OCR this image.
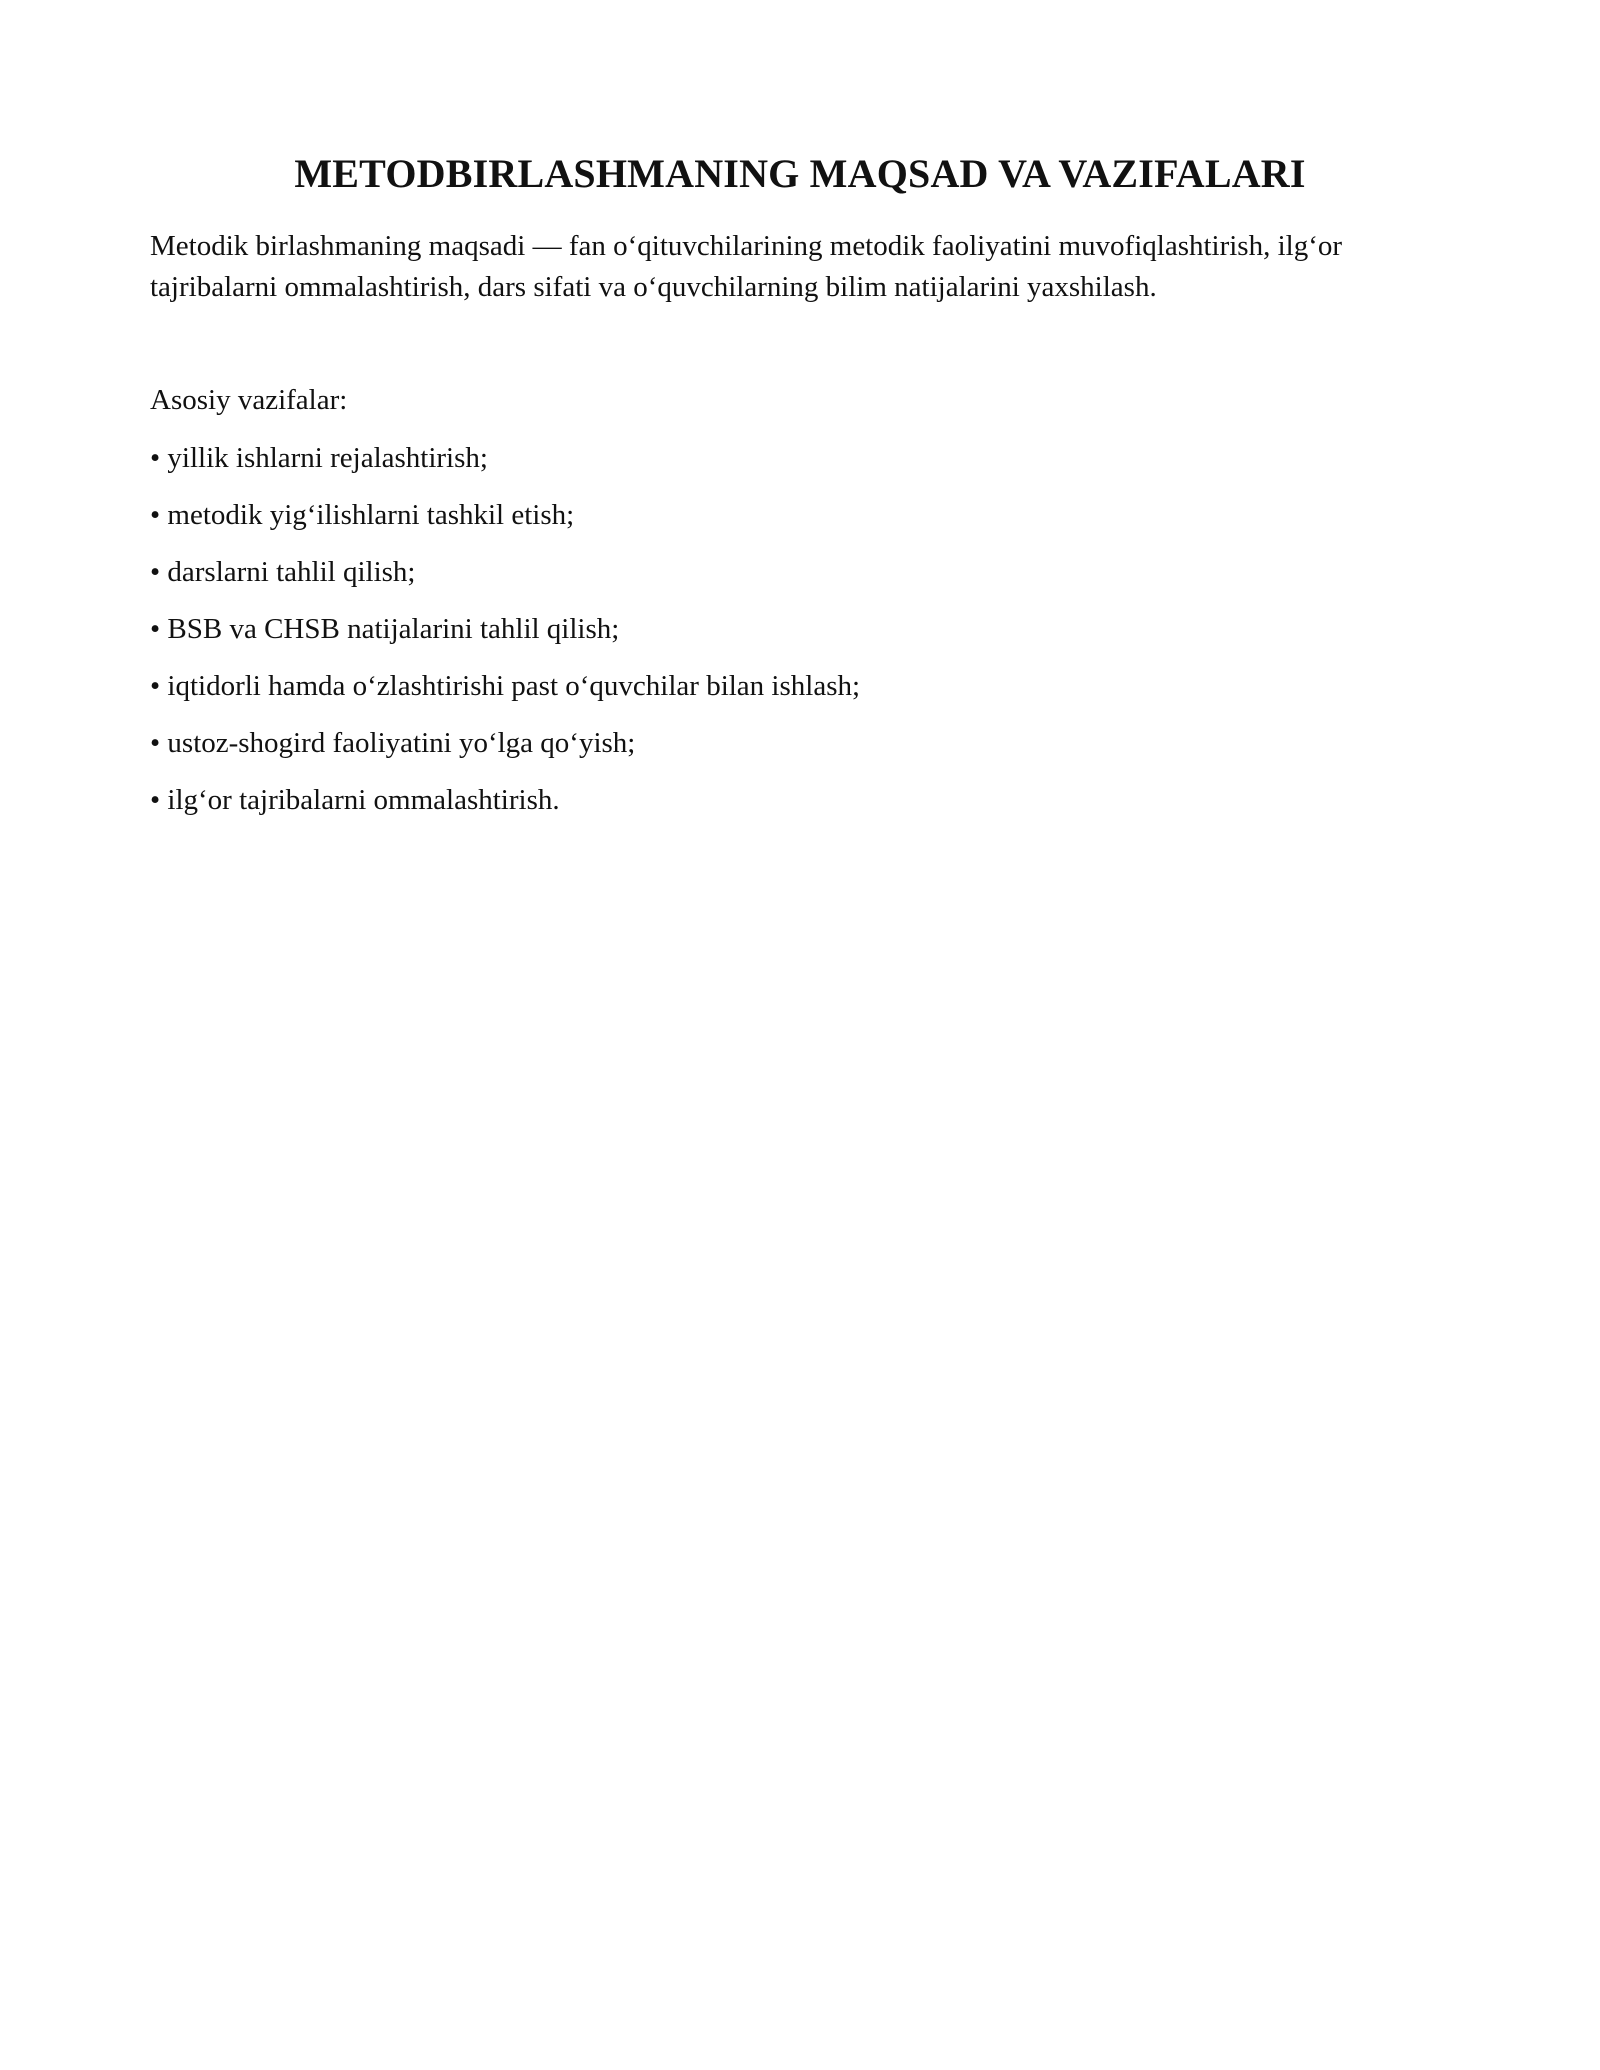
METODBIRLASHMANING MAQSAD VA VAZIFALARI

Metodik birlashmaning maqsadi — fan o‘qituvchilarining metodik faoliyatini muvofiqlashtirish, ilg‘or tajribalarni ommalashtirish, dars sifati va o‘quvchilarning bilim natijalarini yaxshilash.

Asosiy vazifalar:

• yillik ishlarni rejalashtirish;
• metodik yig‘ilishlarni tashkil etish;
• darslarni tahlil qilish;
• BSB va CHSB natijalarini tahlil qilish;
• iqtidorli hamda o‘zlashtirishi past o‘quvchilar bilan ishlash;
• ustoz-shogird faoliyatini yo‘lga qo‘yish;
• ilg‘or tajribalarni ommalashtirish.
